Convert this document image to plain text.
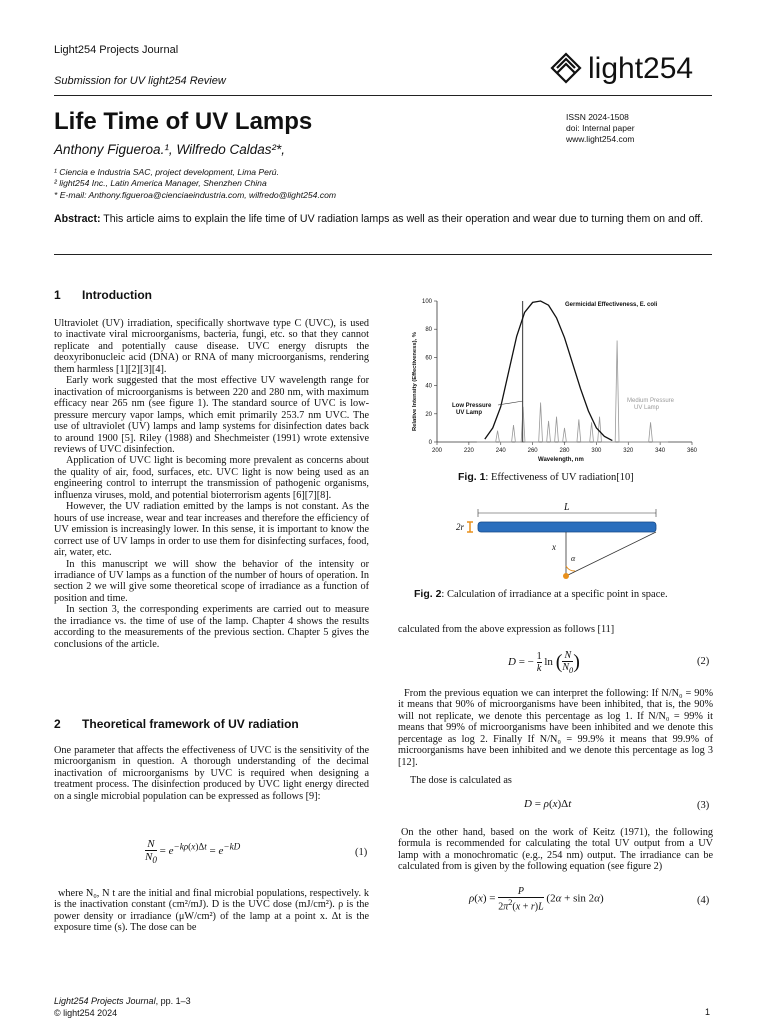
Light254 Projects Journal
Submission for UV light254 Review	light254
Life Time of UV Lamps	ISSN 2024-1508
doi: Internal paper
www.light254.com
Anthony Figueroa.¹, Wilfredo Caldas²*,
¹ Ciencia e Industria SAC, project development, Lima Perú.
² light254 Inc., Latin America Manager, Shenzhen China
* E-mail: Anthony.figueroa@cienciaeindustria.com, wilfredo@light254.com
Abstract: This article aims to explain the life time of UV radiation lamps as well as their operation and wear due to turning them on and off.
1 Introduction

Ultraviolet (UV) irradiation, specifically shortwave type C (UVC), is used to inactivate viral microorganisms, bacteria, fungi, etc. so that they cannot replicate and potentially cause disease. UVC energy disrupts the deoxyribonucleic acid (DNA) or RNA of many microorganisms, rendering them harmless [1][2][3][4].

Early work suggested that the most effective UV wavelength range for inactivation of microorganisms is between 220 and 280 nm, with maximum efficacy near 265 nm (see figure 1). The standard source of UVC is low-pressure mercury vapor lamps, which emit primarily 253.7 nm UVC. The use of ultraviolet (UV) lamps and lamp systems for disinfection dates back to around 1900 [5]. Riley (1988) and Shechmeister (1991) wrote extensive reviews of UVC disinfection.

Application of UVC light is becoming more prevalent as concerns about the quality of air, food, surfaces, etc. UVC light is now being used as an engineering control to interrupt the transmission of pathogenic organisms, influenza viruses, mold, and potential bioterrorism agents [6][7][8].

However, the UV radiation emitted by the lamps is not constant. As the hours of use increase, wear and tear increases and therefore the efficiency of UV emission is increasingly lower. In this sense, it is important to know the correct use of UV lamps in order to use them for disinfecting surfaces, food, air, water, etc.

In this manuscript we will show the behavior of the intensity or irradiance of UV lamps as a function of the number of hours of operation. In section 2 we will give some theoretical scope of irradiance as a function of position and time.

In section 3, the corresponding experiments are carried out to measure the irradiance vs. the time of use of the lamp. Chapter 4 shows the results according to the measurements of the previous section. Chapter 5 gives the conclusions of the article.

2 Theoretical framework of UV radiation
One parameter that affects the effectiveness of UVC is the sensitivity of the microorganism in question. A thorough understanding of the decimal inactivation of microorganisms by UVC is required when designing a treatment process. The disinfection produced by UVC light energy directed on a single microbial population can be expressed as follows [9]:
$\frac{N}{N_0} = e^{-k\rho(x)\Delta t} = e^{-kD}$
(1)
where N₀, N t are the initial and final microbial populations, respectively. k is the inactivation constant (cm²/mJ). D is the UVC dose (mJ/cm²). ρ is the power density or irradiance (μW/cm²) of the lamp at a point x. Δt is the exposure time (s). The dose can be
0
20
40
60
80
100
200	220	240	260	280	300	320	340	360
Germicidal Effectiveness, E. coli
Low Pressure
UV Lamp
Medium Pressure
UV Lamp
Wavelength, nm
Relative Intensity (Effectiveness), %
Fig. 1: Effectiveness of UV radiation[10]
L
2r
x
α
Fig. 2: Calculation of irradiance at a specific point in space.
calculated from the above expression as follows [11]
D = − $\frac{1}{k}$ ln ( $\frac{N}{N_0}$ )	(2)
From the previous equation we can interpret the following: If N/N₀ = 90% it means that 90% of microorganisms have been inhibited, that is, the 90% will not replicate, we denote this percentage as log 1. If N/N₀ = 99% it means that 99% of microorganisms have been inhibited and we denote this percentage as log 2. Finally If N/N₀ = 99.9% it means that 99.9% of microorganisms have been inhibited and we denote this percentage as log 3 [12].
The dose is calculated as
D = ρ(x)Δt	(3)
On the other hand, based on the work of Keitz (1971), the following formula is recommended for calculating the total UV output from a UV lamp with a monochromatic (e.g., 254 nm) output. The irradiance can be calculated from is given by the following equation (see figure 2)
$\rho(x) = \frac{P}{2\pi^2(x + r)L} (2\alpha + \sin 2\alpha)$	(4)
Light254 Projects Journal, pp. 1–3
© light254 2024	1
